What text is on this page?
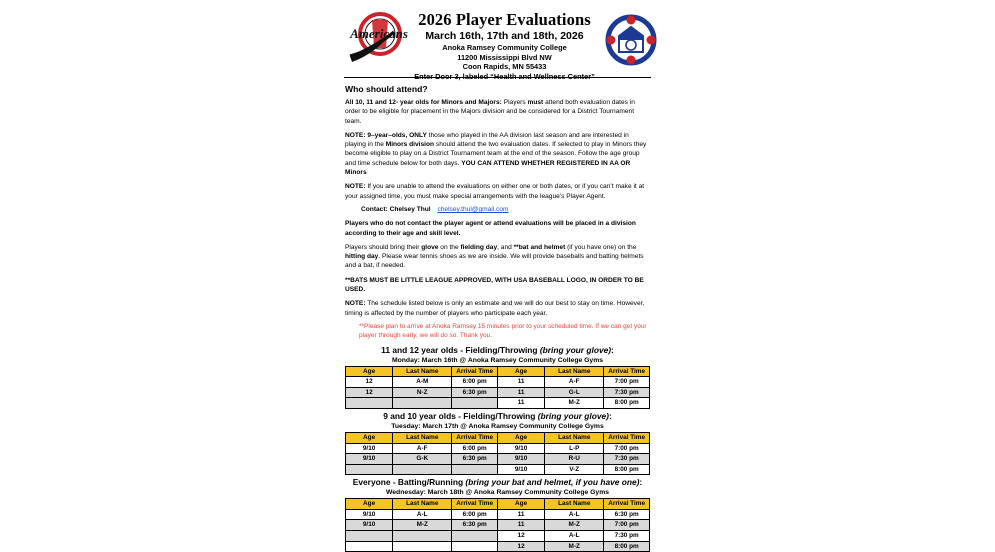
Americans
2026 Player Evaluations
March 16th, 17th and 18th, 2026
Anoka Ramsey Community College
11200 Mississippi Blvd NW
Coon Rapids, MN 55433
Enter Door 3, labeled “Health and Wellness Center”
Who should attend?

All 10, 11 and 12- year olds for Minors and Majors: Players must attend both evaluation dates in order to be eligible for placement in the Majors division and be considered for a District Tournament team.

NOTE: 9–year–olds, ONLY those who played in the AA division last season and are interested in playing in the Minors division should attend the two evaluation dates. If selected to play in Minors they become eligible to play on a District Tournament team at the end of the season. Follow the age group and time schedule below for both days. YOU CAN ATTEND WHETHER REGISTERED IN AA OR Minors

NOTE: If you are unable to attend the evaluations on either one or both dates, or if you can’t make it at your assigned time, you must make special arrangements with the league’s Player Agent.

Contact: Chelsey Thul chelsey.thul@gmail.com

Players who do not contact the player agent or attend evaluations will be placed in a division according to their age and skill level.

Players should bring their glove on the fielding day, and **bat and helmet (if you have one) on the hitting day. Please wear tennis shoes as we are inside. We will provide baseballs and batting helmets and a bat, if needed.

**BATS MUST BE LITTLE LEAGUE APPROVED, WITH USA BASEBALL LOGO, IN ORDER TO BE USED.

NOTE: The schedule listed below is only an estimate and we will do our best to stay on time. However, timing is affected by the number of players who participate each year.

**Please plan to arrive at Anoka Ramsey 15 minutes prior to your scheduled time. If we can get your player through early, we will do so. Thank you.

11 and 12 year olds - Fielding/Throwing (bring your glove):
Monday: March 16th @ Anoka Ramsey Community College Gyms
Age	Last Name	Arrival Time	Age	Last Name	Arrival Time
12	A-M	6:00 pm	11	A-F	7:00 pm
12	N-Z	6:30 pm	11	G-L	7:30 pm
			11	M-Z	8:00 pm
9 and 10 year olds - Fielding/Throwing (bring your glove):
Tuesday: March 17th @ Anoka Ramsey Community College Gyms
Age	Last Name	Arrival Time	Age	Last Name	Arrival Time
9/10	A-F	6:00 pm	9/10	L-P	7:00 pm
9/10	G-K	6:30 pm	9/10	R-U	7:30 pm
			9/10	V-Z	8:00 pm
Everyone - Batting/Running (bring your bat and helmet, if you have one):
Wednesday: March 18th @ Anoka Ramsey Community College Gyms
Age	Last Name	Arrival Time	Age	Last Name	Arrival Time
9/10	A-L	6:00 pm	11	A-L	6:30 pm
9/10	M-Z	6:30 pm	11	M-Z	7:00 pm
			12	A-L	7:30 pm
			12	M-Z	8:00 pm
